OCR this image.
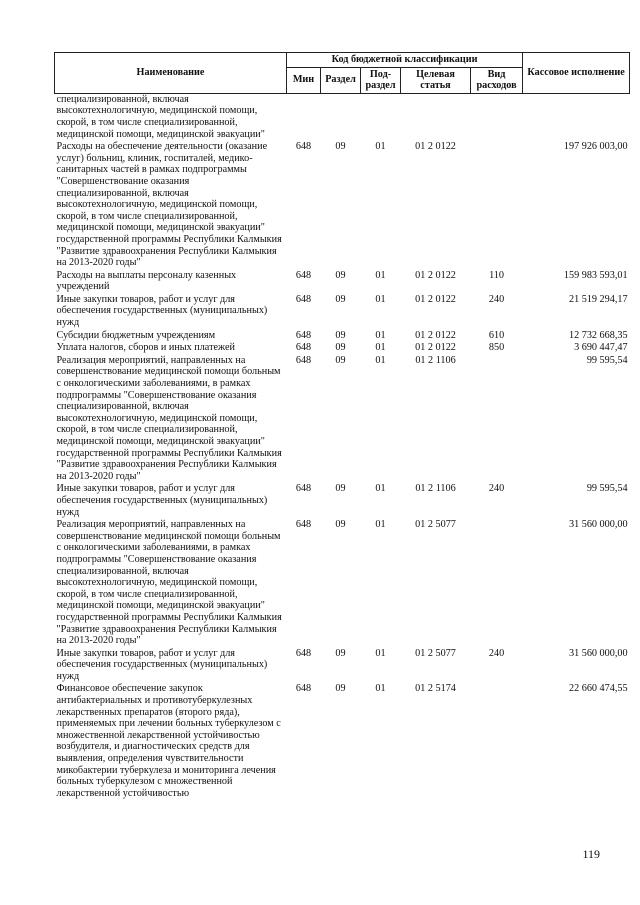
Наименование	Код бюджетной классификации					Кассовое исполнение
	Мин	Раздел	Под-раздел	Целевая статья	Вид расходов	
специализированной, включая высокотехнологичную, медицинской помощи, скорой, в том числе специализированной, медицинской помощи, медицинской эвакуации"						
Расходы на обеспечение деятельности (оказание услуг) больниц, клиник, госпиталей, медико-санитарных частей в рамках подпрограммы "Совершенствование оказания специализированной, включая высокотехнологичную, медицинской помощи, скорой, в том числе специализированной, медицинской помощи, медицинской эвакуации" государственной программы Республики Калмыкия "Развитие здравоохранения Республики Калмыкия на 2013-2020 годы"	648	09	01	01 2 0122		197 926 003,00
Расходы на выплаты персоналу казенных учреждений	648	09	01	01 2 0122	110	159 983 593,01
Иные закупки товаров, работ и услуг для обеспечения государственных (муниципальных) нужд	648	09	01	01 2 0122	240	21 519 294,17
Субсидии бюджетным учреждениям	648	09	01	01 2 0122	610	12 732 668,35
Уплата налогов, сборов и иных платежей	648	09	01	01 2 0122	850	3 690 447,47
Реализация мероприятий, направленных на совершенствование медицинской помощи больным с онкологическими заболеваниями, в рамках подпрограммы "Совершенствование оказания специализированной, включая высокотехнологичную, медицинской помощи, скорой, в том числе специализированной, медицинской помощи, медицинской эвакуации" государственной программы Республики Калмыкия "Развитие здравоохранения Республики Калмыкия на 2013-2020 годы"	648	09	01	01 2 1106		99 595,54
Иные закупки товаров, работ и услуг для обеспечения государственных (муниципальных) нужд	648	09	01	01 2 1106	240	99 595,54
Реализация мероприятий, направленных на совершенствование медицинской помощи больным с онкологическими заболеваниями, в рамках подпрограммы "Совершенствование оказания специализированной, включая высокотехнологичную, медицинской помощи, скорой, в том числе специализированной, медицинской помощи, медицинской эвакуации" государственной программы Республики Калмыкия "Развитие здравоохранения Республики Калмыкия на 2013-2020 годы"	648	09	01	01 2 5077		31 560 000,00
Иные закупки товаров, работ и услуг для обеспечения государственных (муниципальных) нужд	648	09	01	01 2 5077	240	31 560 000,00
Финансовое обеспечение закупок антибактериальных и противотуберкулезных лекарственных препаратов (второго ряда), применяемых при лечении больных туберкулезом с множественной лекарственной устойчивостью возбудителя, и диагностических средств для выявления, определения чувствительности микобактерии туберкулеза и мониторинга лечения больных туберкулезом с множественной лекарственной устойчивостью	648	09	01	01 2 5174		22 660 474,55
119
